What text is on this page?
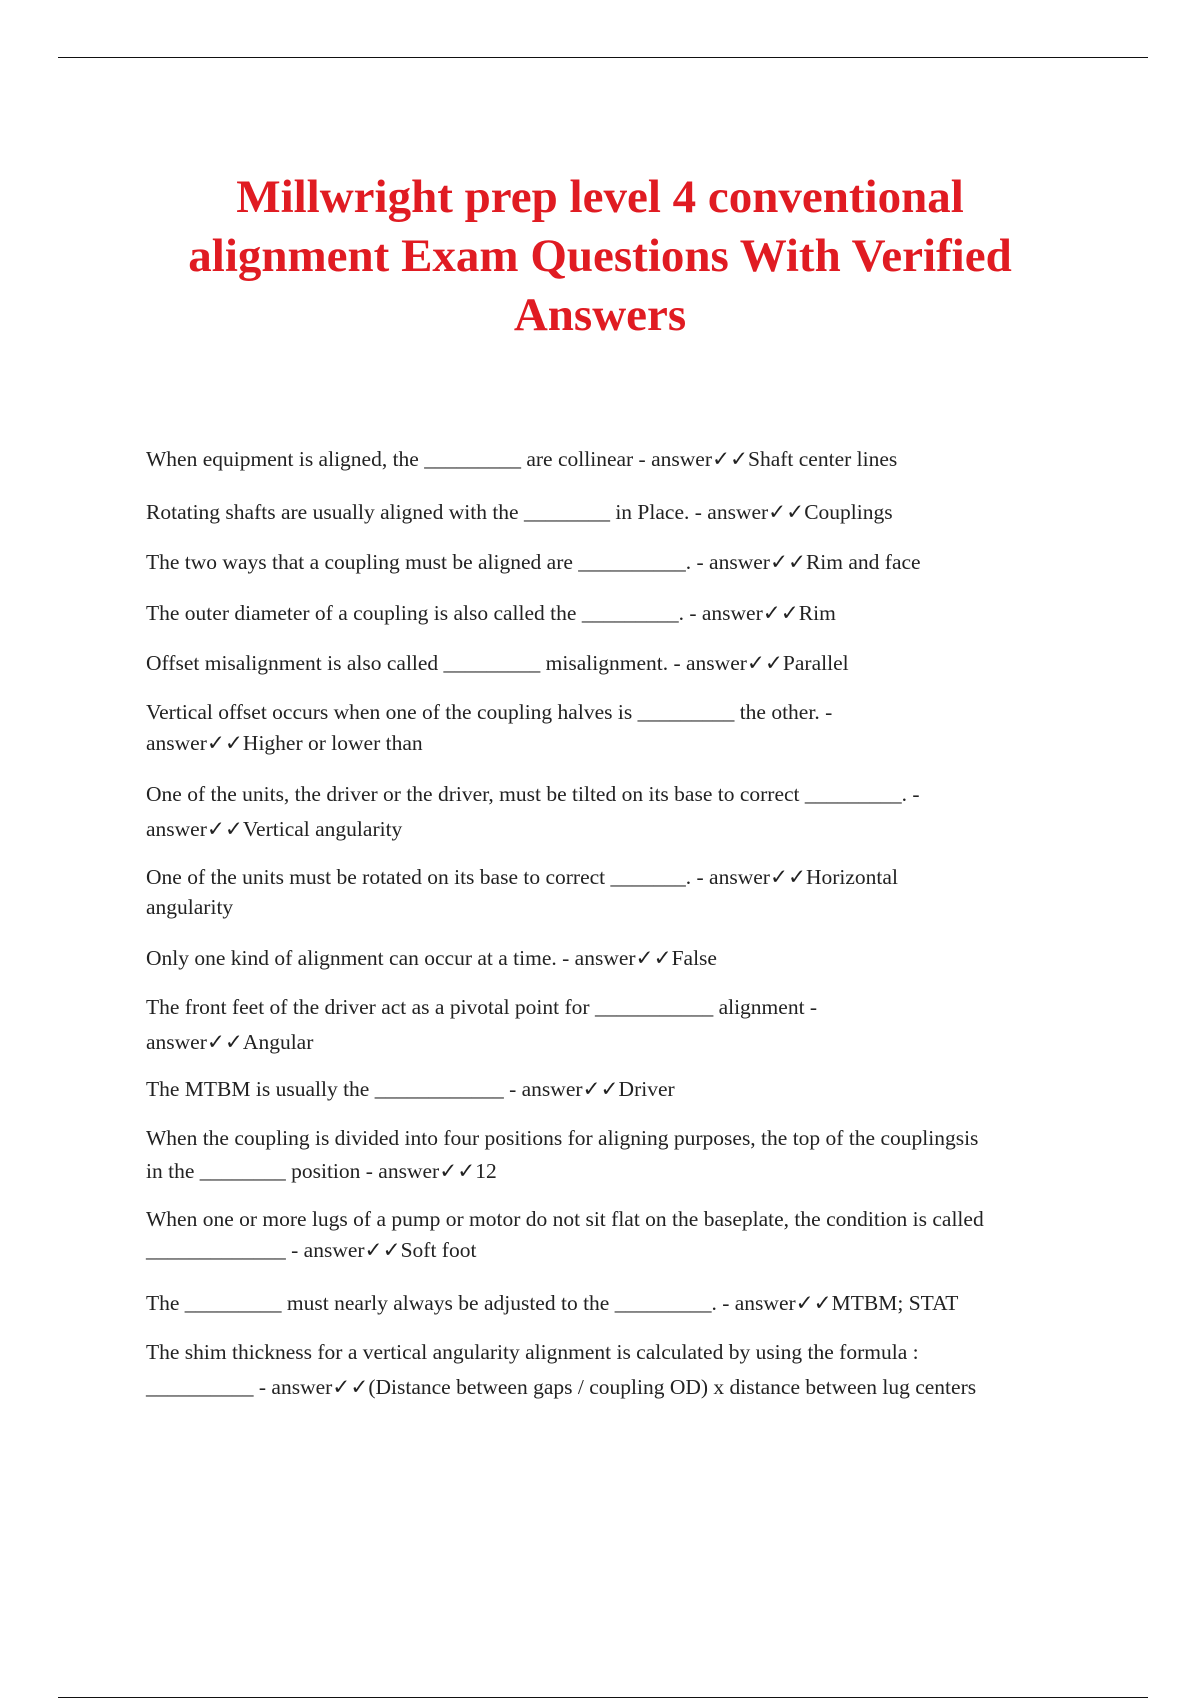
Millwright prep level 4 conventional
alignment Exam Questions With Verified
Answers
When equipment is aligned, the _________ are collinear - answer✓✓Shaft center lines
Rotating shafts are usually aligned with the ________ in Place. - answer✓✓Couplings
The two ways that a coupling must be aligned are __________. - answer✓✓Rim and face
The outer diameter of a coupling is also called the _________. - answer✓✓Rim
Offset misalignment is also called _________ misalignment. - answer✓✓Parallel
Vertical offset occurs when one of the coupling halves is _________ the other. -
answer✓✓Higher or lower than
One of the units, the driver or the driver, must be tilted on its base to correct _________. -
answer✓✓Vertical angularity
One of the units must be rotated on its base to correct _______. - answer✓✓Horizontal
angularity
Only one kind of alignment can occur at a time. - answer✓✓False
The front feet of the driver act as a pivotal point for ___________ alignment -
answer✓✓Angular
The MTBM is usually the ____________ - answer✓✓Driver
When the coupling is divided into four positions for aligning purposes, the top of the couplingsis
in the ________ position - answer✓✓12
When one or more lugs of a pump or motor do not sit flat on the baseplate, the condition is called
_____________ - answer✓✓Soft foot
The _________ must nearly always be adjusted to the _________. - answer✓✓MTBM; STAT
The shim thickness for a vertical angularity alignment is calculated by using the formula :
__________ - answer✓✓(Distance between gaps / coupling OD) x distance between lug centers
